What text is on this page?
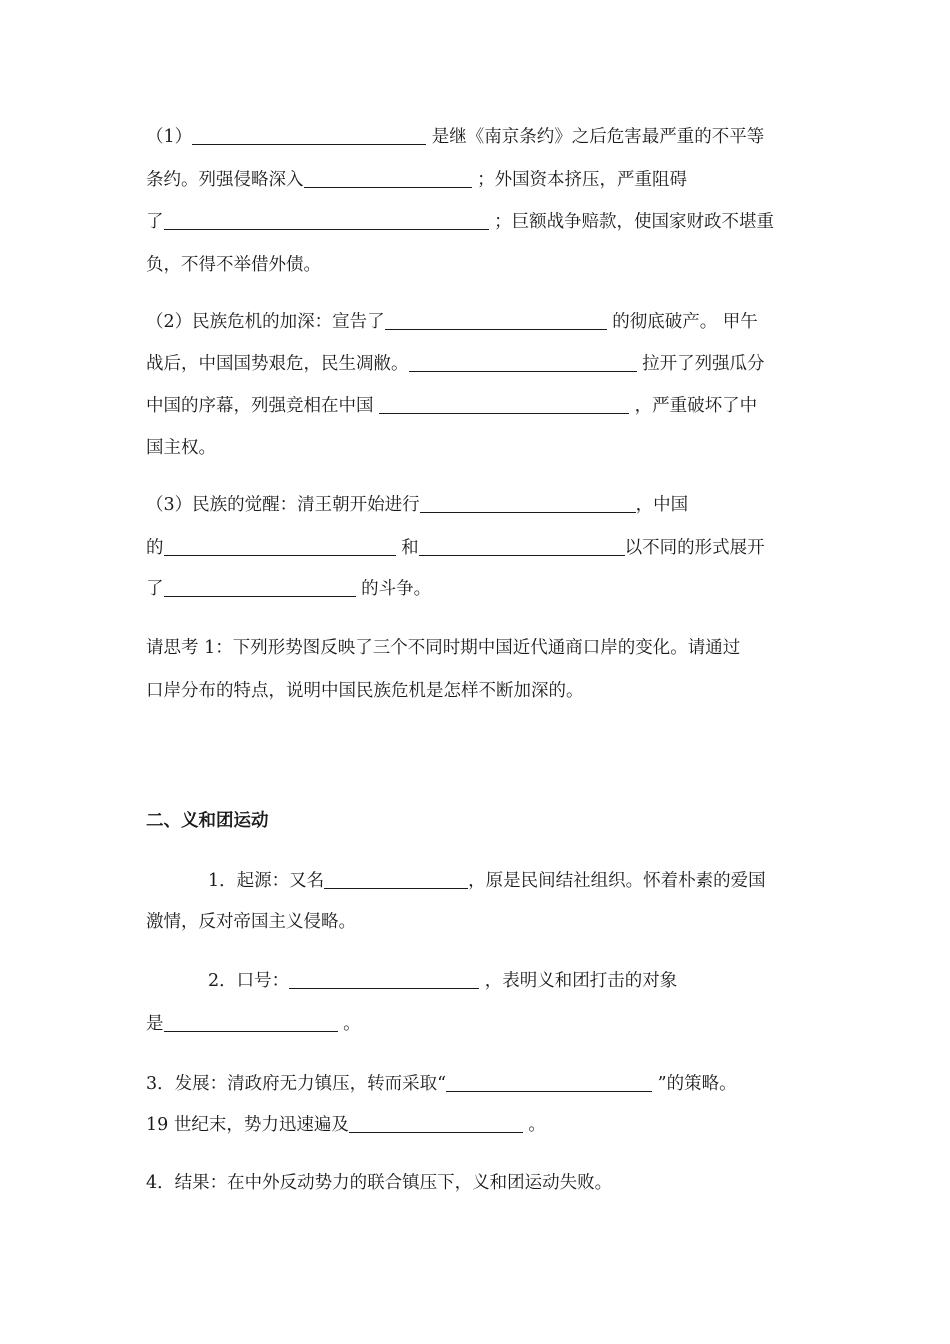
（1）	是继《南京条约》之后危害最严重的不平等
条约。列强侵略深入	；外国资本挤压，严重阻碍
了	；巨额战争赔款，使国家财政不堪重
负，不得不举借外债。
（2）民族危机的加深：宣告了	的彻底破产。 甲午
战后，中国国势艰危，民生凋敝。	拉开了列强瓜分
中国的序幕，列强竞相在中国	，严重破坏了中
国主权。
（3）民族的觉醒：清王朝开始进行	，中国
的	和	以不同的形式展开
了	的斗争。
请思考 1：下列形势图反映了三个不同时期中国近代通商口岸的变化。请通过
口岸分布的特点，说明中国民族危机是怎样不断加深的。
二、义和团运动
1．起源：又名	，原是民间结社组织。怀着朴素的爱国
激情，反对帝国主义侵略。
2．口号：	，表明义和团打击的对象
是	。
3．发展：清政府无力镇压，转而采取“	”的策略。
19 世纪末，势力迅速遍及	。
4．结果：在中外反动势力的联合镇压下，义和团运动失败。
